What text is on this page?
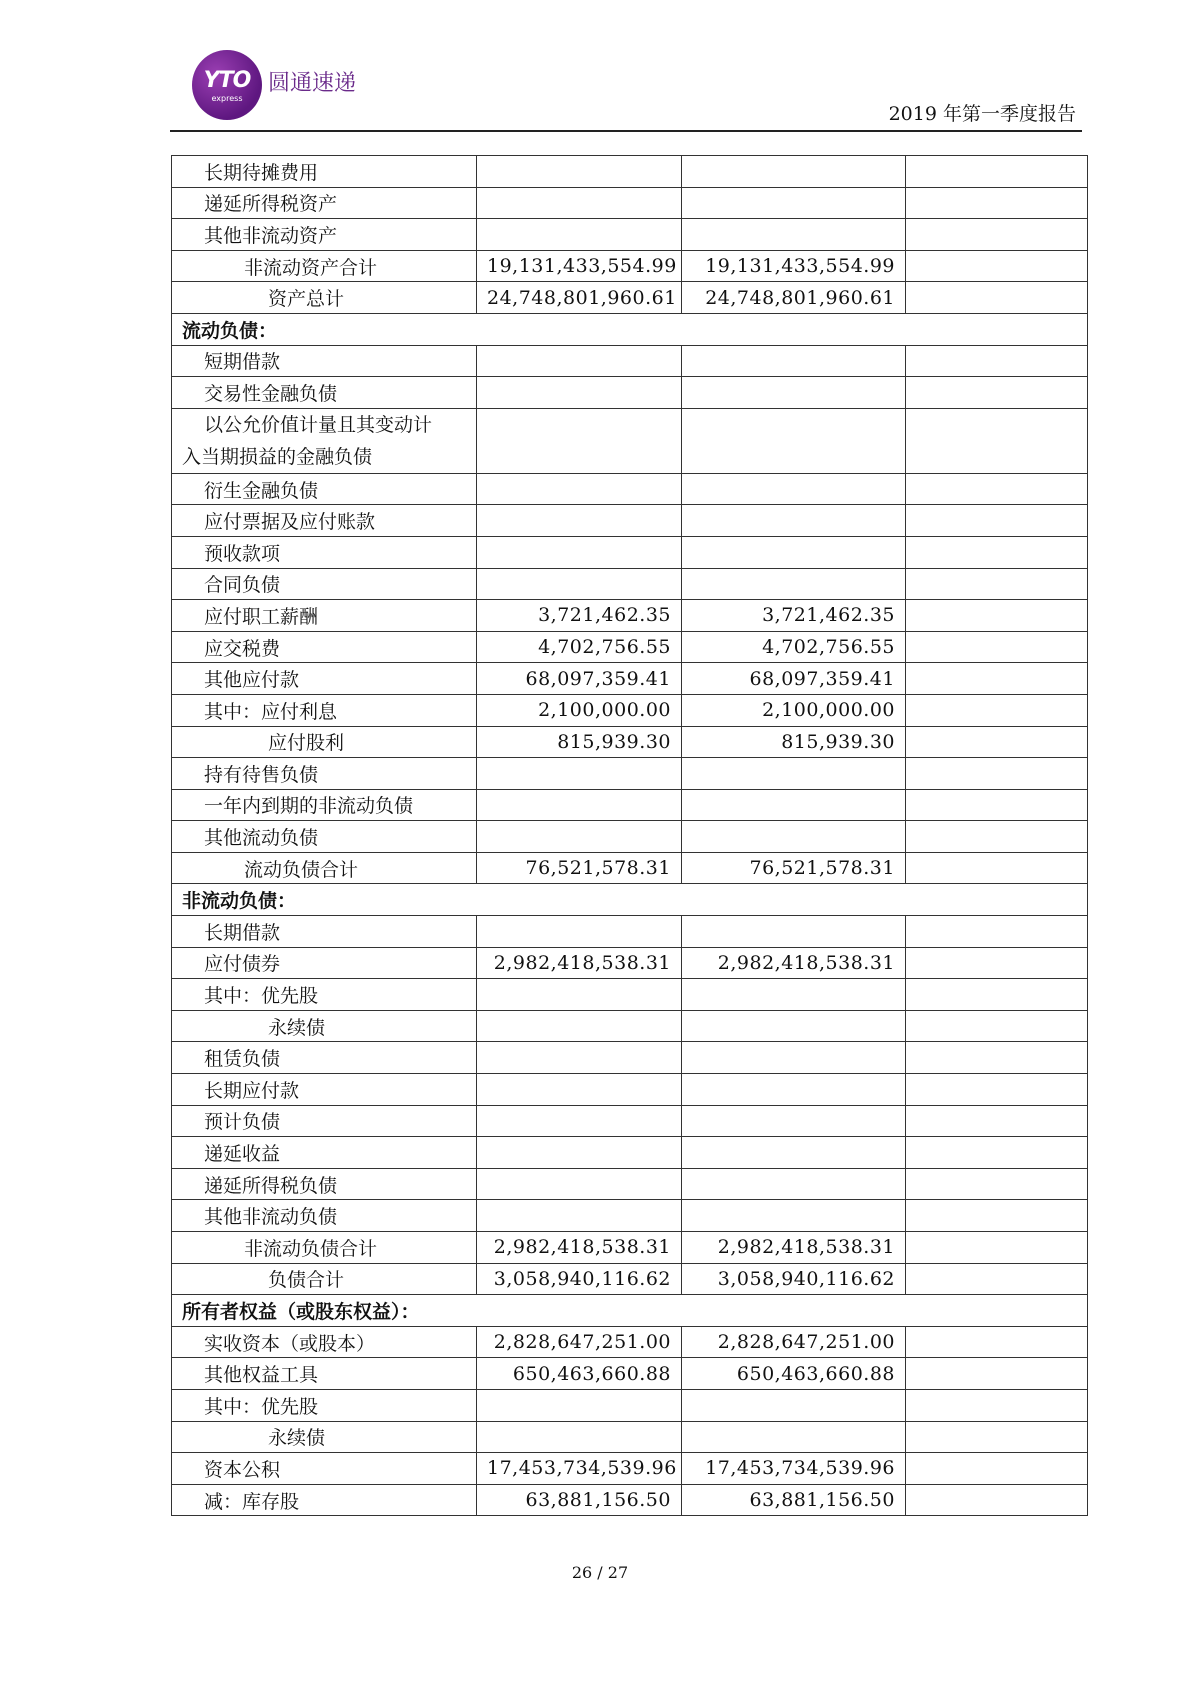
YTO
express
圆通速递
2019 年第一季度报告
长期待摊费用			
递延所得税资产			
其他非流动资产			
非流动资产合计	19,131,433,554.99	19,131,433,554.99	
资产总计	24,748,801,960.61	24,748,801,960.61	
流动负债：			
短期借款			
交易性金融负债			
以公允价值计量且其变动计
入当期损益的金融负债			
衍生金融负债			
应付票据及应付账款			
预收款项			
合同负债			
应付职工薪酬	3,721,462.35	3,721,462.35	
应交税费	4,702,756.55	4,702,756.55	
其他应付款	68,097,359.41	68,097,359.41	
其中：应付利息	2,100,000.00	2,100,000.00	
应付股利	815,939.30	815,939.30	
持有待售负债			
一年内到期的非流动负债			
其他流动负债			
流动负债合计	76,521,578.31	76,521,578.31	
非流动负债：			
长期借款			
应付债券	2,982,418,538.31	2,982,418,538.31	
其中：优先股			
永续债			
租赁负债			
长期应付款			
预计负债			
递延收益			
递延所得税负债			
其他非流动负债			
非流动负债合计	2,982,418,538.31	2,982,418,538.31	
负债合计	3,058,940,116.62	3,058,940,116.62	
所有者权益（或股东权益）：			
实收资本（或股本）	2,828,647,251.00	2,828,647,251.00	
其他权益工具	650,463,660.88	650,463,660.88	
其中：优先股			
永续债			
资本公积	17,453,734,539.96	17,453,734,539.96	
减：库存股	63,881,156.50	63,881,156.50	
26 / 27
